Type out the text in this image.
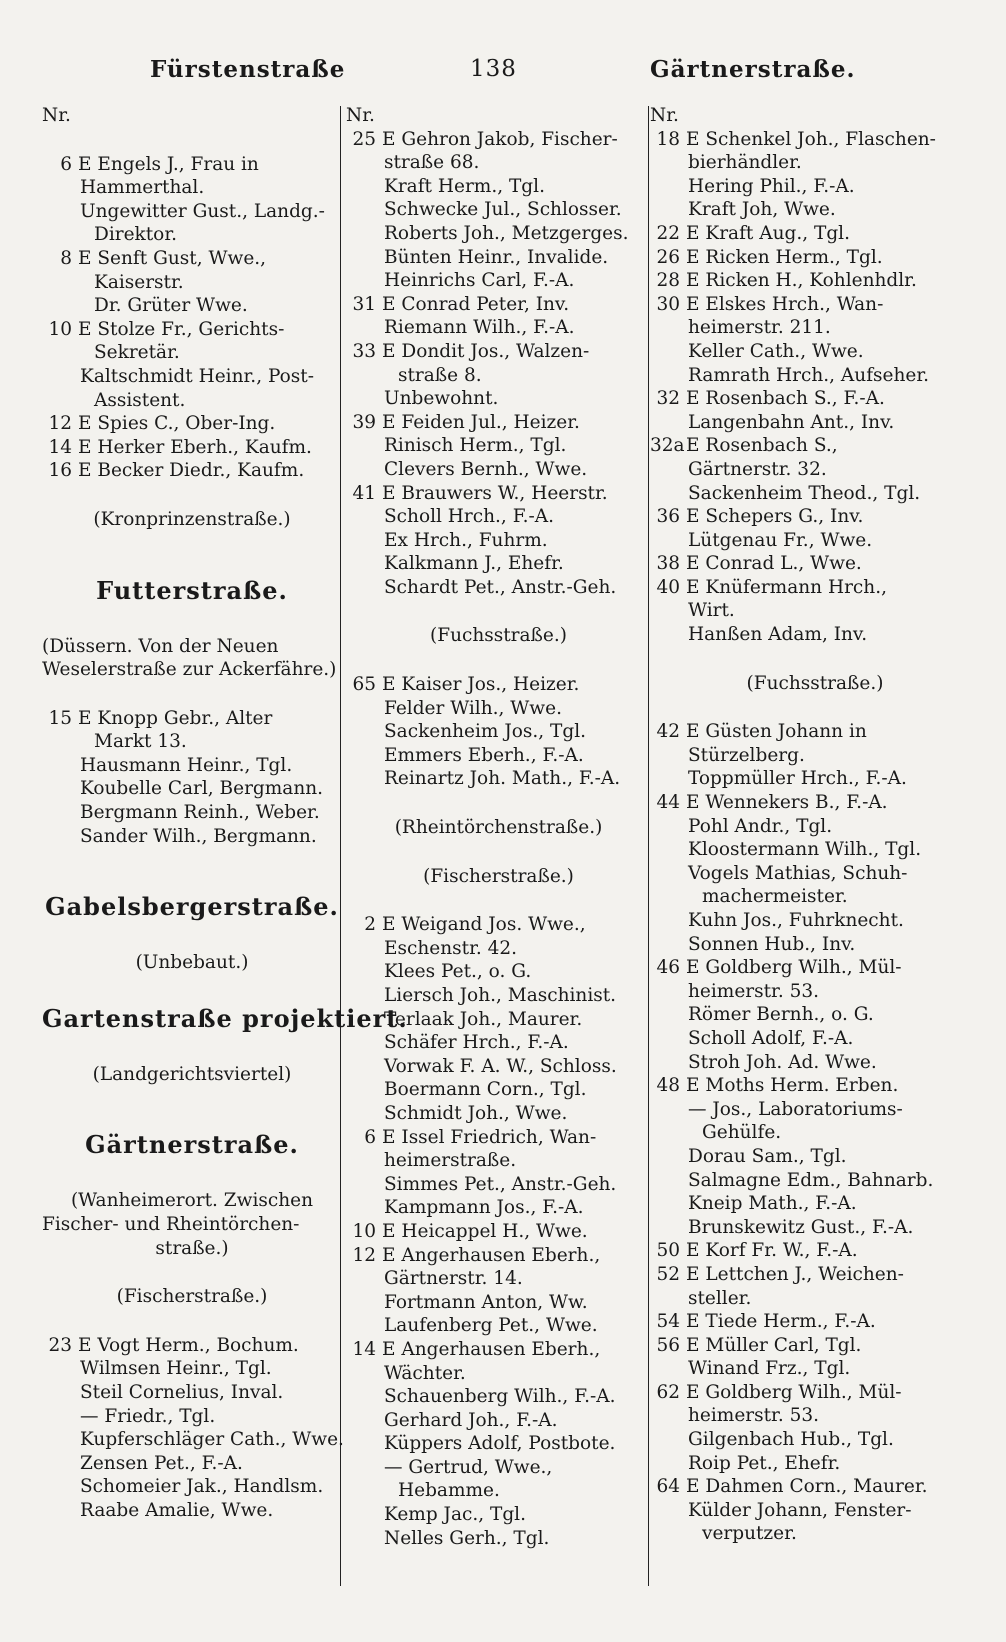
Fürstenstraße	138	Gärtnerstraße.
Nr.
6 E Engels J., Frau in
Hammerthal.
Ungewitter Gust., Landg.-
Direktor.
8 E Senft Gust, Wwe.,
Kaiserstr.
Dr. Grüter Wwe.
10 E Stolze Fr., Gerichts-
Sekretär.
Kaltschmidt Heinr., Post-
Assistent.
12 E Spies C., Ober-Ing.
14 E Herker Eberh., Kaufm.
16 E Becker Diedr., Kaufm.
(Kronprinzenstraße.)
Futterstraße.
(Düssern. Von der Neuen
Weselerstraße zur Ackerfähre.)
15 E Knopp Gebr., Alter
Markt 13.
Hausmann Heinr., Tgl.
Koubelle Carl, Bergmann.
Bergmann Reinh., Weber.
Sander Wilh., Bergmann.
Gabelsbergerstraße.
(Unbebaut.)
Gartenstraße projektiert.
(Landgerichtsviertel)
Gärtnerstraße.
(Wanheimerort. Zwischen
Fischer- und Rheintörchen-
straße.)
(Fischerstraße.)
23 E Vogt Herm., Bochum.
Wilmsen Heinr., Tgl.
Steil Cornelius, Inval.
— Friedr., Tgl.
Kupferschläger Cath., Wwe.
Zensen Pet., F.-A.
Schomeier Jak., Handlsm.
Raabe Amalie, Wwe.
Nr.
25 E Gehron Jakob, Fischer-
straße 68.
Kraft Herm., Tgl.
Schwecke Jul., Schlosser.
Roberts Joh., Metzgerges.
Bünten Heinr., Invalide.
Heinrichs Carl, F.-A.
31 E Conrad Peter, Inv.
Riemann Wilh., F.-A.
33 E Dondit Jos., Walzen-
straße 8.
Unbewohnt.
39 E Feiden Jul., Heizer.
Rinisch Herm., Tgl.
Clevers Bernh., Wwe.
41 E Brauwers W., Heerstr.
Scholl Hrch., F.-A.
Ex Hrch., Fuhrm.
Kalkmann J., Ehefr.
Schardt Pet., Anstr.-Geh.
(Fuchsstraße.)
65 E Kaiser Jos., Heizer.
Felder Wilh., Wwe.
Sackenheim Jos., Tgl.
Emmers Eberh., F.-A.
Reinartz Joh. Math., F.-A.
(Rheintörchenstraße.)
(Fischerstraße.)
2 E Weigand Jos. Wwe.,
Eschenstr. 42.
Klees Pet., o. G.
Liersch Joh., Maschinist.
Terlaak Joh., Maurer.
Schäfer Hrch., F.-A.
Vorwak F. A. W., Schloss.
Boermann Corn., Tgl.
Schmidt Joh., Wwe.
6 E Issel Friedrich, Wan-
heimerstraße.
Simmes Pet., Anstr.-Geh.
Kampmann Jos., F.-A.
10 E Heicappel H., Wwe.
12 E Angerhausen Eberh.,
Gärtnerstr. 14.
Fortmann Anton, Ww.
Laufenberg Pet., Wwe.
14 E Angerhausen Eberh.,
Wächter.
Schauenberg Wilh., F.-A.
Gerhard Joh., F.-A.
Küppers Adolf, Postbote.
— Gertrud, Wwe.,
Hebamme.
Kemp Jac., Tgl.
Nelles Gerh., Tgl.
Nr.
18 E Schenkel Joh., Flaschen-
bierhändler.
Hering Phil., F.-A.
Kraft Joh, Wwe.
22 E Kraft Aug., Tgl.
26 E Ricken Herm., Tgl.
28 E Ricken H., Kohlenhdlr.
30 E Elskes Hrch., Wan-
heimerstr. 211.
Keller Cath., Wwe.
Ramrath Hrch., Aufseher.
32 E Rosenbach S., F.-A.
Langenbahn Ant., Inv.
32aE Rosenbach S.,
Gärtnerstr. 32.
Sackenheim Theod., Tgl.
36 E Schepers G., Inv.
Lütgenau Fr., Wwe.
38 E Conrad L., Wwe.
40 E Knüfermann Hrch.,
Wirt.
Hanßen Adam, Inv.
(Fuchsstraße.)
42 E Güsten Johann in
Stürzelberg.
Toppmüller Hrch., F.-A.
44 E Wennekers B., F.-A.
Pohl Andr., Tgl.
Kloostermann Wilh., Tgl.
Vogels Mathias, Schuh-
machermeister.
Kuhn Jos., Fuhrknecht.
Sonnen Hub., Inv.
46 E Goldberg Wilh., Mül-
heimerstr. 53.
Römer Bernh., o. G.
Scholl Adolf, F.-A.
Stroh Joh. Ad. Wwe.
48 E Moths Herm. Erben.
— Jos., Laboratoriums-
Gehülfe.
Dorau Sam., Tgl.
Salmagne Edm., Bahnarb.
Kneip Math., F.-A.
Brunskewitz Gust., F.-A.
50 E Korf Fr. W., F.-A.
52 E Lettchen J., Weichen-
steller.
54 E Tiede Herm., F.-A.
56 E Müller Carl, Tgl.
Winand Frz., Tgl.
62 E Goldberg Wilh., Mül-
heimerstr. 53.
Gilgenbach Hub., Tgl.
Roip Pet., Ehefr.
64 E Dahmen Corn., Maurer.
Külder Johann, Fenster-
verputzer.
